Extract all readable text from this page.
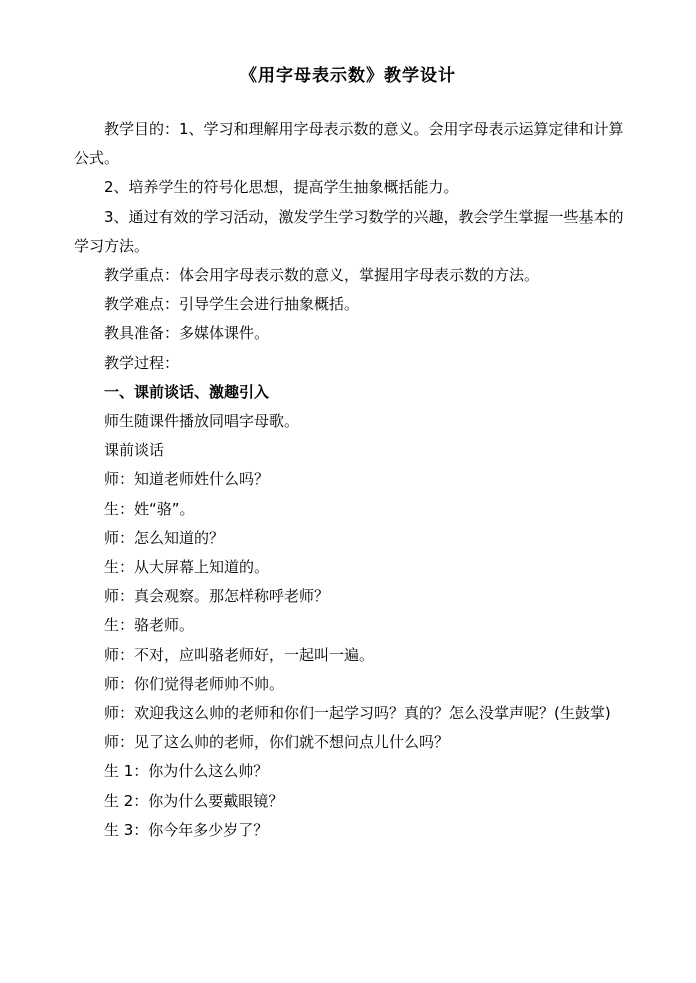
《用字母表示数》教学设计

教学目的：1、学习和理解用字母表示数的意义。会用字母表示运算定律和计算公式。

2、培养学生的符号化思想，提高学生抽象概括能力。

3、通过有效的学习活动，激发学生学习数学的兴趣，教会学生掌握一些基本的学习方法。

教学重点：体会用字母表示数的意义，掌握用字母表示数的方法。

教学难点：引导学生会进行抽象概括。

教具准备：多媒体课件。

教学过程：

一、课前谈话、激趣引入

师生随课件播放同唱字母歌。

课前谈话

师：知道老师姓什么吗？

生：姓“骆”。

师：怎么知道的？

生：从大屏幕上知道的。

师：真会观察。那怎样称呼老师？

生：骆老师。

师：不对，应叫骆老师好，一起叫一遍。

师：你们觉得老师帅不帅。

师：欢迎我这么帅的老师和你们一起学习吗？真的？怎么没掌声呢？(生鼓掌)

师：见了这么帅的老师，你们就不想问点儿什么吗？

生 1：你为什么这么帅？

生 2：你为什么要戴眼镜？

生 3：你今年多少岁了？
